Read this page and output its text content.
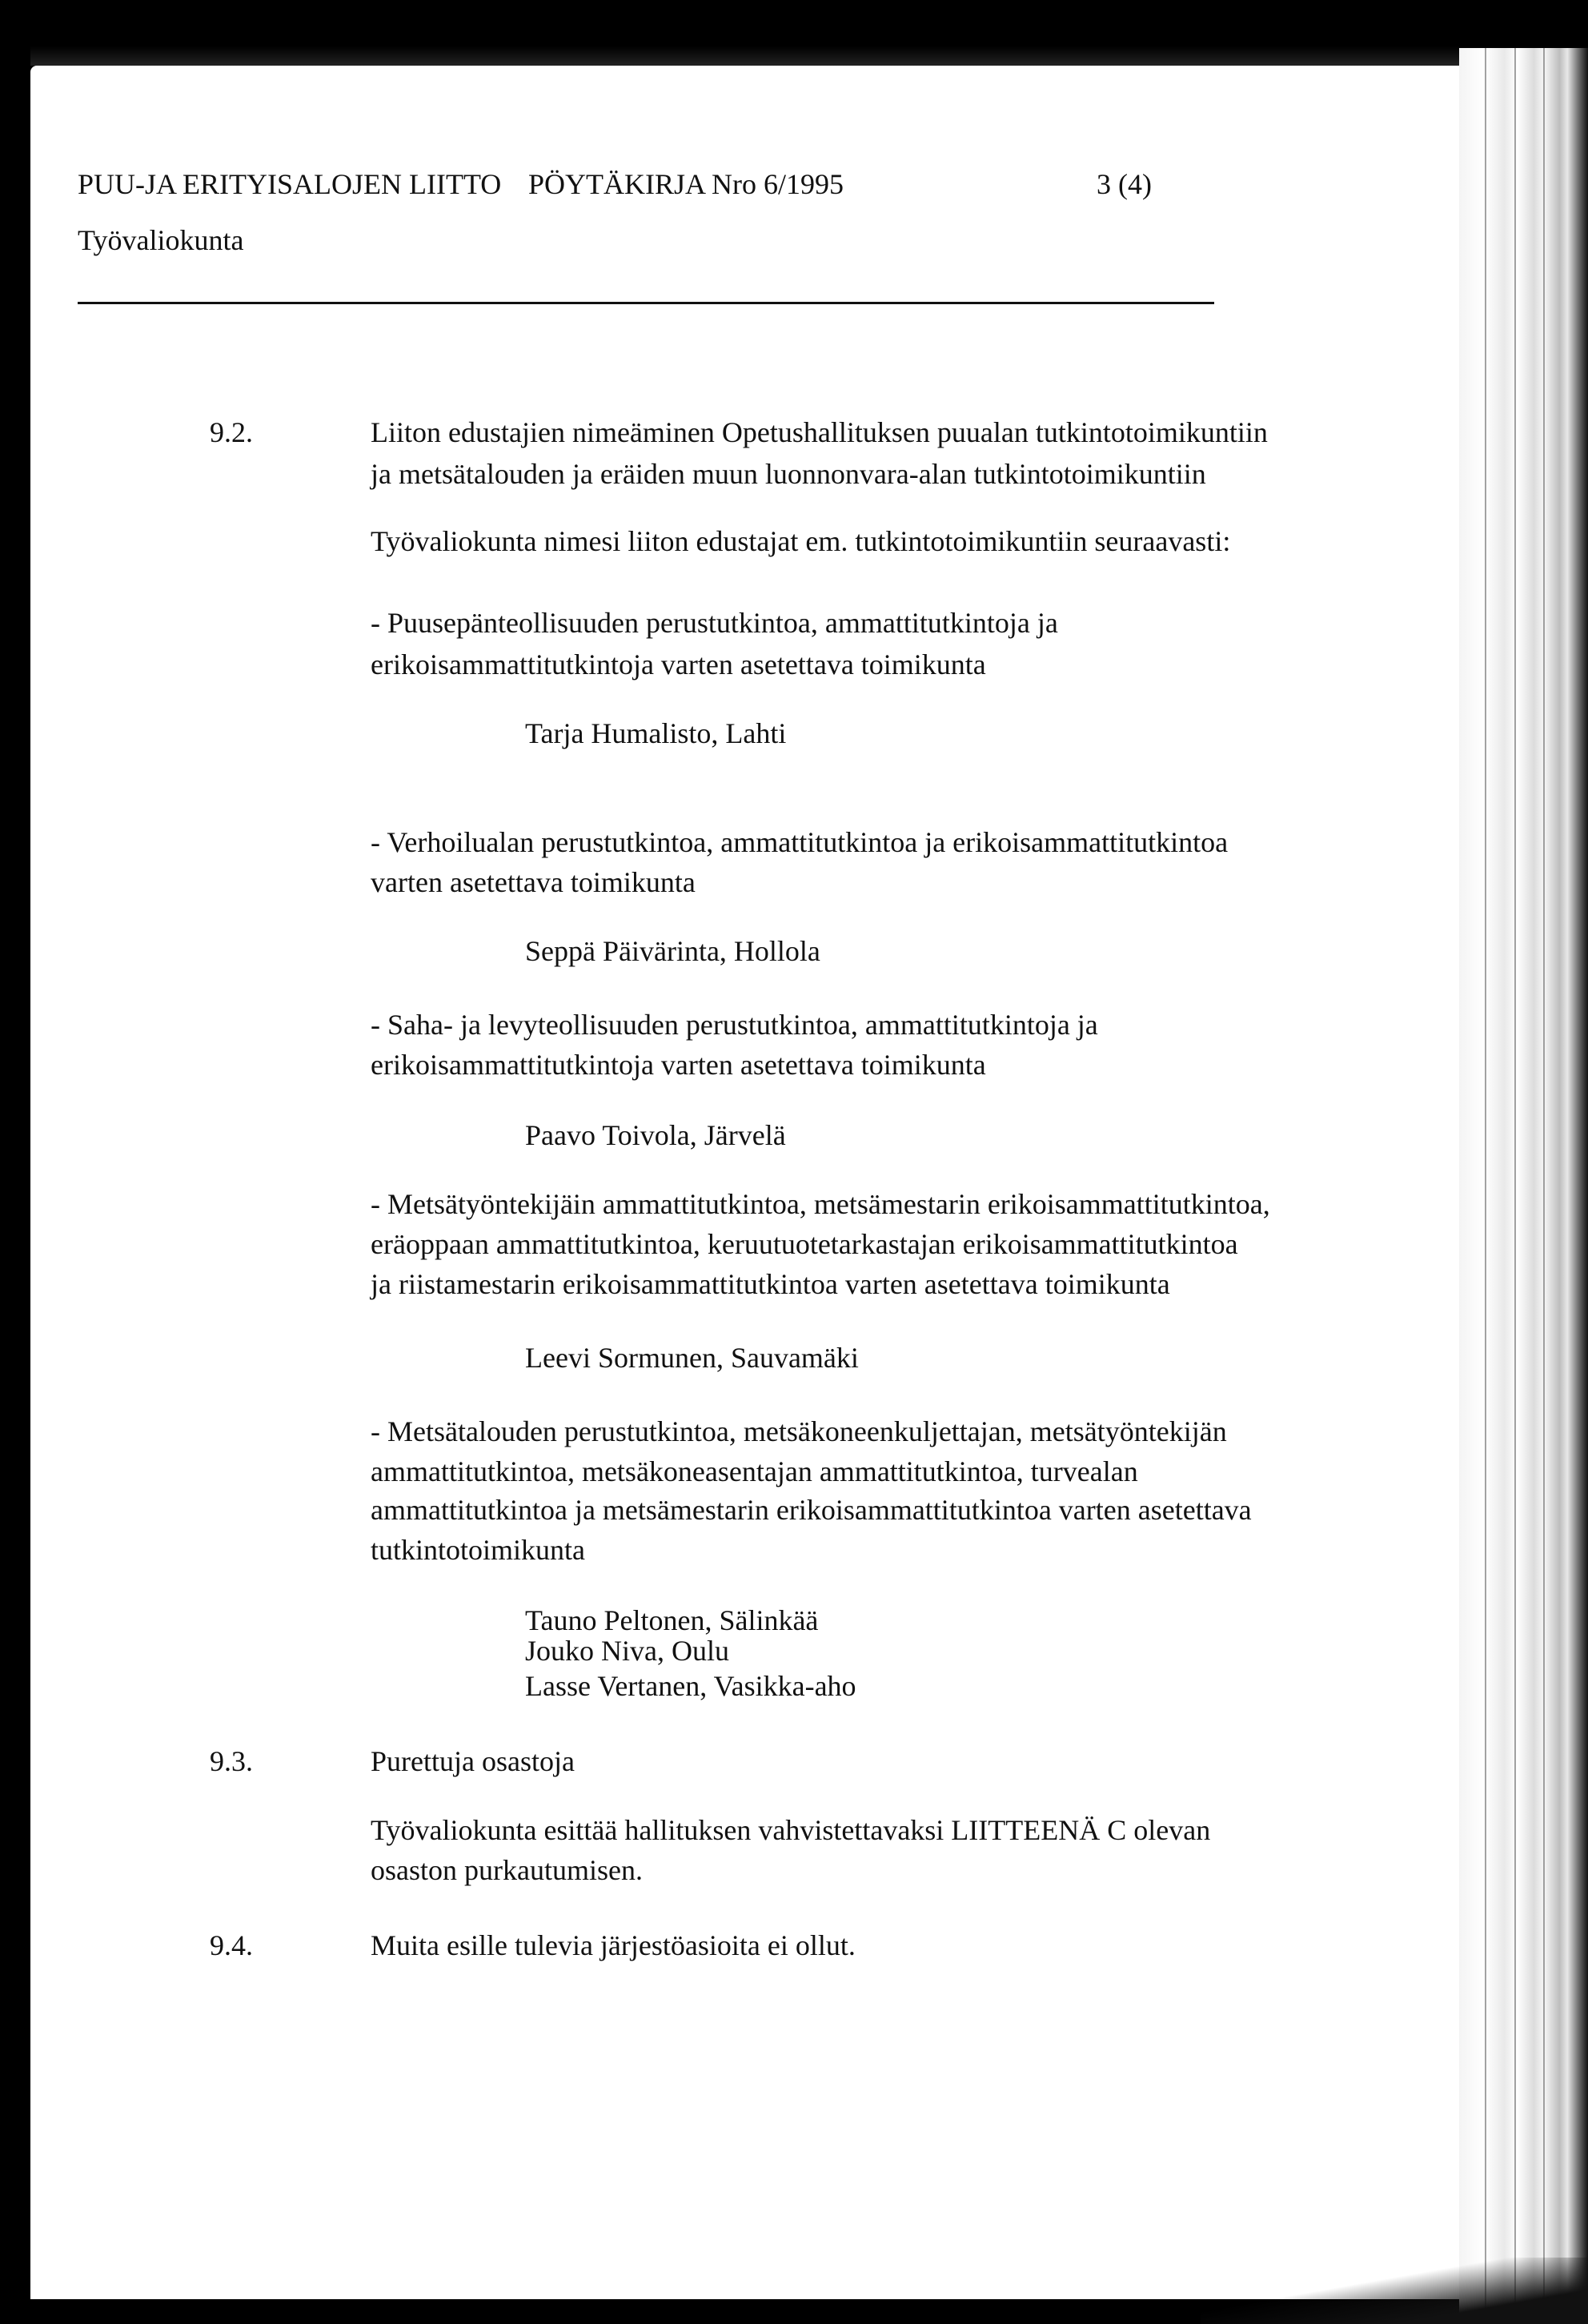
PUU-JA ERITYISALOJEN LIITTO PÖYTÄKIRJA Nro 6/1995	3 (4)

Työvaliokunta

9.2.	Liiton edustajien nimeäminen Opetushallituksen puualan tutkintotoimikuntiin

ja metsätalouden ja eräiden muun luonnonvara-alan tutkintotoimikuntiin

Työvaliokunta nimesi liiton edustajat em. tutkintotoimikuntiin seuraavasti:

- Puusepänteollisuuden perustutkintoa, ammattitutkintoja ja

erikoisammattitutkintoja varten asetettava toimikunta

Tarja Humalisto, Lahti

- Verhoilualan perustutkintoa, ammattitutkintoa ja erikoisammattitutkintoa

varten asetettava toimikunta

Seppä Päivärinta, Hollola

- Saha- ja levyteollisuuden perustutkintoa, ammattitutkintoja ja

erikoisammattitutkintoja varten asetettava toimikunta

Paavo Toivola, Järvelä

- Metsätyöntekijäin ammattitutkintoa, metsämestarin erikoisammattitutkintoa,

eräoppaan ammattitutkintoa, keruutuotetarkastajan erikoisammattitutkintoa

ja riistamestarin erikoisammattitutkintoa varten asetettava toimikunta

Leevi Sormunen, Sauvamäki

- Metsätalouden perustutkintoa, metsäkoneenkuljettajan, metsätyöntekijän

ammattitutkintoa, metsäkoneasentajan ammattitutkintoa, turvealan

ammattitutkintoa ja metsämestarin erikoisammattitutkintoa varten asetettava

tutkintotoimikunta

Tauno Peltonen, Sälinkää

Jouko Niva, Oulu

Lasse Vertanen, Vasikka-aho

9.3.	Purettuja osastoja

Työvaliokunta esittää hallituksen vahvistettavaksi LIITTEENÄ C olevan

osaston purkautumisen.

9.4.	Muita esille tulevia järjestöasioita ei ollut.
